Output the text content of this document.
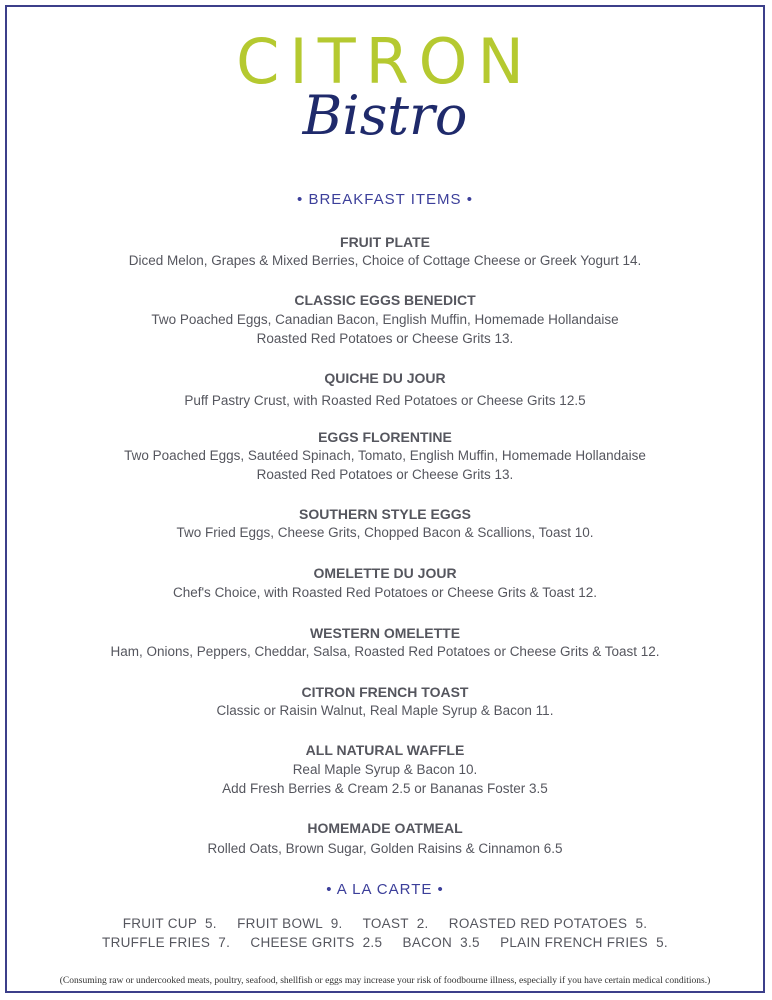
CITRON
Bistro
• BREAKFAST ITEMS •
FRUIT PLATE
Diced Melon, Grapes & Mixed Berries, Choice of Cottage Cheese or Greek Yogurt 14.
CLASSIC EGGS BENEDICT
Two Poached Eggs, Canadian Bacon, English Muffin, Homemade Hollandaise
Roasted Red Potatoes or Cheese Grits 13.
QUICHE DU JOUR
Puff Pastry Crust, with Roasted Red Potatoes or Cheese Grits 12.5
EGGS FLORENTINE
Two Poached Eggs, Sautéed Spinach, Tomato, English Muffin, Homemade Hollandaise
Roasted Red Potatoes or Cheese Grits 13.
SOUTHERN STYLE EGGS
Two Fried Eggs, Cheese Grits, Chopped Bacon & Scallions, Toast 10.
OMELETTE DU JOUR
Chef's Choice, with Roasted Red Potatoes or Cheese Grits & Toast 12.
WESTERN OMELETTE
Ham, Onions, Peppers, Cheddar, Salsa, Roasted Red Potatoes or Cheese Grits & Toast 12.
CITRON FRENCH TOAST
Classic or Raisin Walnut, Real Maple Syrup & Bacon 11.
ALL NATURAL WAFFLE
Real Maple Syrup & Bacon 10.
Add Fresh Berries & Cream 2.5 or Bananas Foster 3.5
HOMEMADE OATMEAL
Rolled Oats, Brown Sugar, Golden Raisins & Cinnamon 6.5
• A LA CARTE •
FRUIT CUP  5.     FRUIT BOWL  9.     TOAST  2.     ROASTED RED POTATOES  5.
TRUFFLE FRIES  7.     CHEESE GRITS  2.5     BACON  3.5     PLAIN FRENCH FRIES  5.
(Consuming raw or undercooked meats, poultry, seafood, shellfish or eggs may increase your risk of foodbourne illness, especially if you have certain medical conditions.)
